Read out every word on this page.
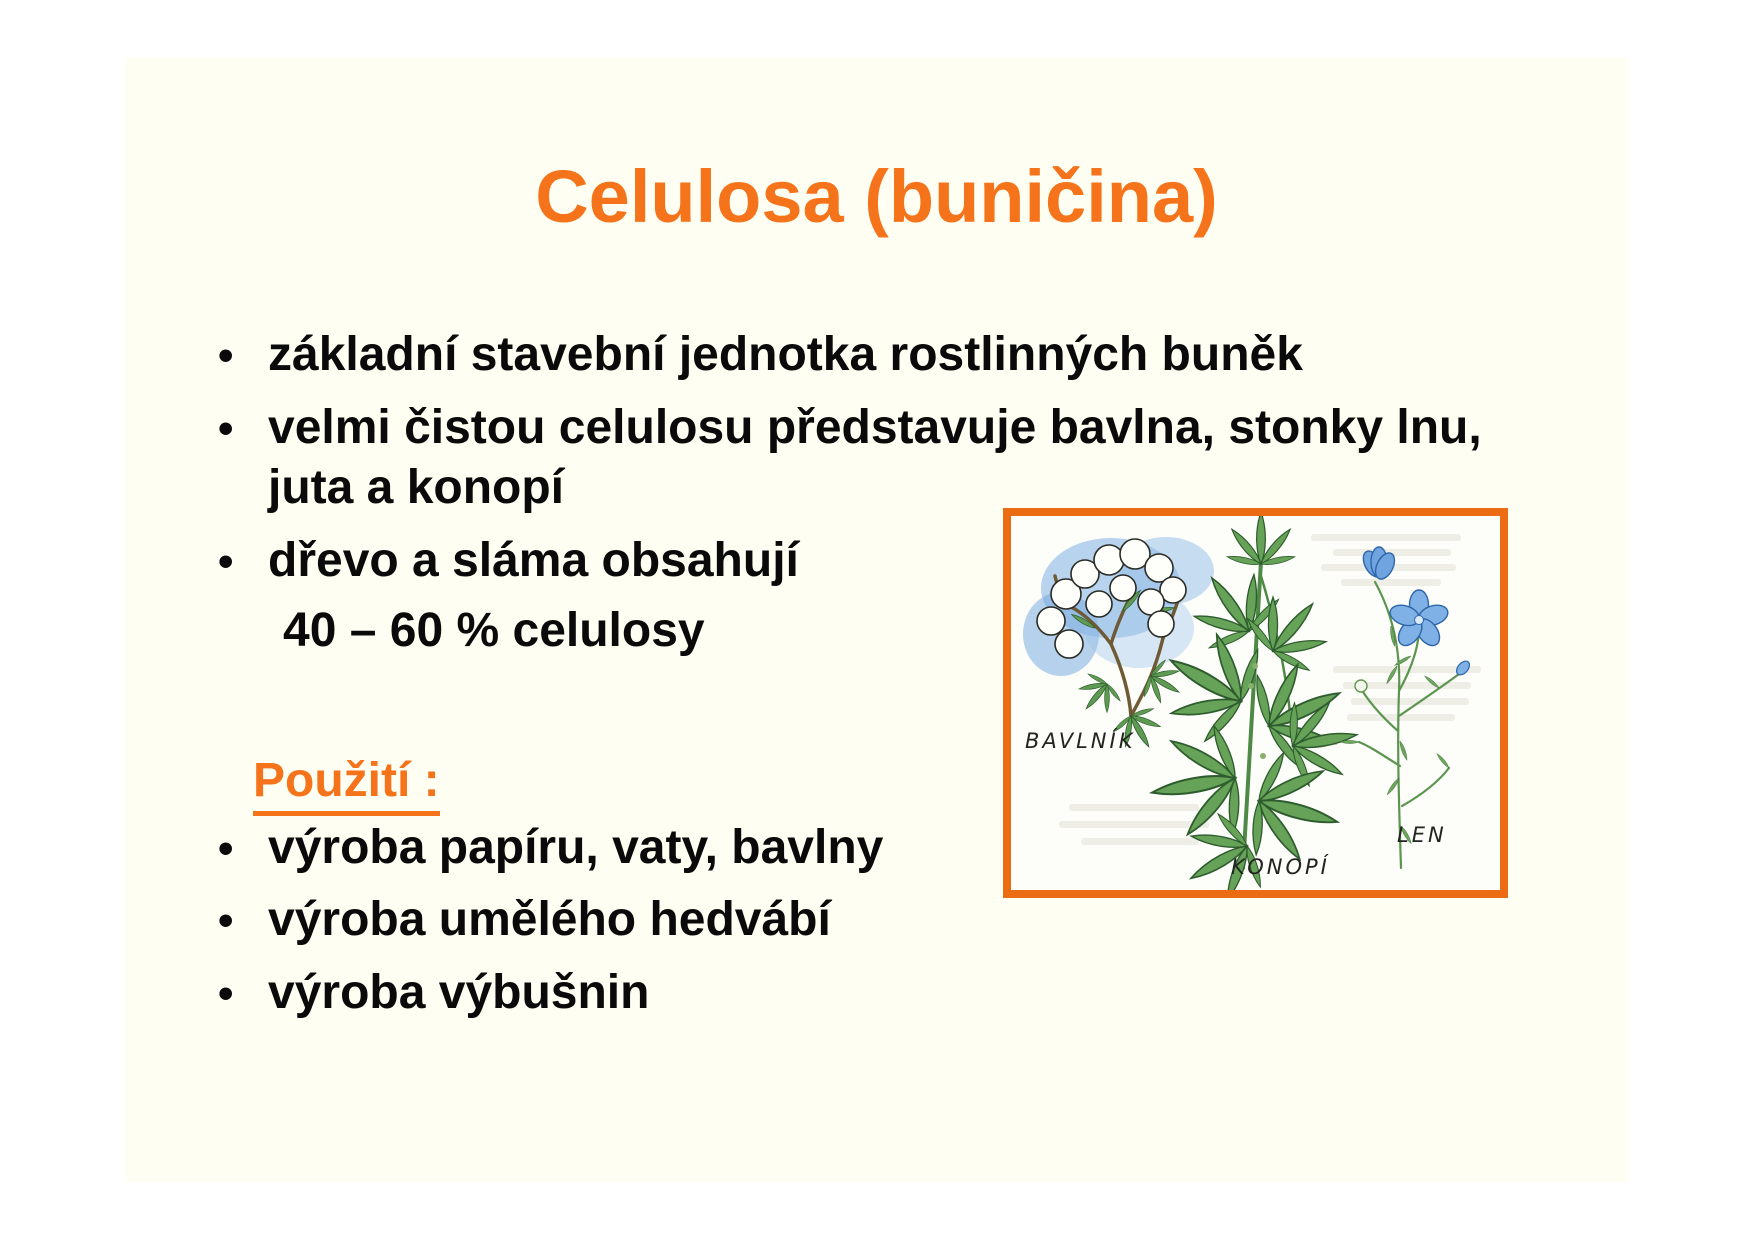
Celulosa (buničina)
• základní stavební jednotka rostlinných buněk
• velmi čistou celulosu představuje bavlna, stonky lnu,
juta a konopí
• dřevo a sláma obsahují
40 – 60 % celulosy
Použití :
• výroba papíru, vaty, bavlny
• výroba umělého hedvábí
• výroba výbušnin
BAVLNÍK
KONOPÍ
LEN
